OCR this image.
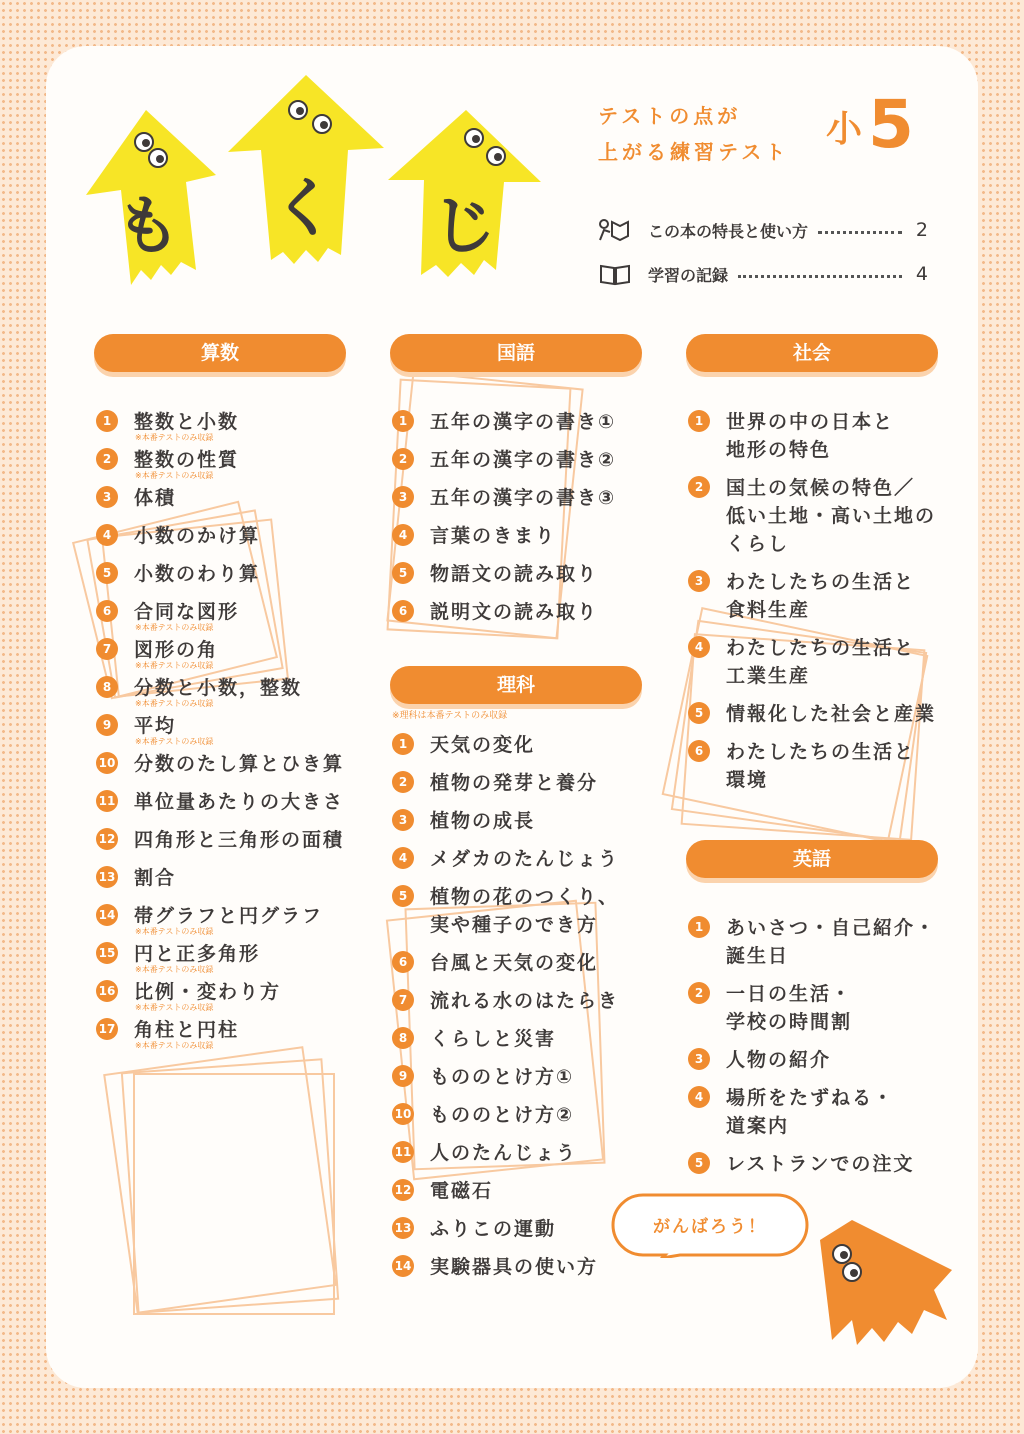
も く じ
テストの点が
上がる練習テスト
小5
この本の特長と使い方	2
学習の記録	4
算数
1	整数と小数
※本番テストのみ収録
2	整数の性質
※本番テストのみ収録
3	体積
4	小数のかけ算
5	小数のわり算
6	合同な図形
※本番テストのみ収録
7	図形の角
※本番テストのみ収録
8	分数と小数，整数
※本番テストのみ収録
9	平均
※本番テストのみ収録
10 分数のたし算とひき算
11 単位量あたりの大きさ
12 四角形と三角形の面積
13 割合
14 帯グラフと円グラフ
※本番テストのみ収録
15 円と正多角形
※本番テストのみ収録
16 比例・変わり方
※本番テストのみ収録
17 角柱と円柱
※本番テストのみ収録
国語
1	五年の漢字の書き①
2	五年の漢字の書き②
3	五年の漢字の書き③
4	言葉のきまり
5	物語文の読み取り
6	説明文の読み取り
理科
※理科は本番テストのみ収録
1	天気の変化
2	植物の発芽と養分
3	植物の成長
4	メダカのたんじょう
5	植物の花のつくり、
実や種子のでき方
6	台風と天気の変化
7	流れる水のはたらき
8	くらしと災害
9	もののとけ方①
10 もののとけ方②
11 人のたんじょう
12 電磁石
13 ふりこの運動
14 実験器具の使い方
社会
1	世界の中の日本と
地形の特色
2	国土の気候の特色／
低い土地・高い土地の
くらし
3	わたしたちの生活と
食料生産
4	わたしたちの生活と
工業生産
5	情報化した社会と産業
6	わたしたちの生活と
環境
英語
1	あいさつ・自己紹介・
誕生日
2	一日の生活・
学校の時間割
3	人物の紹介
4	場所をたずねる・
道案内
5	レストランでの注文
がんばろう！
